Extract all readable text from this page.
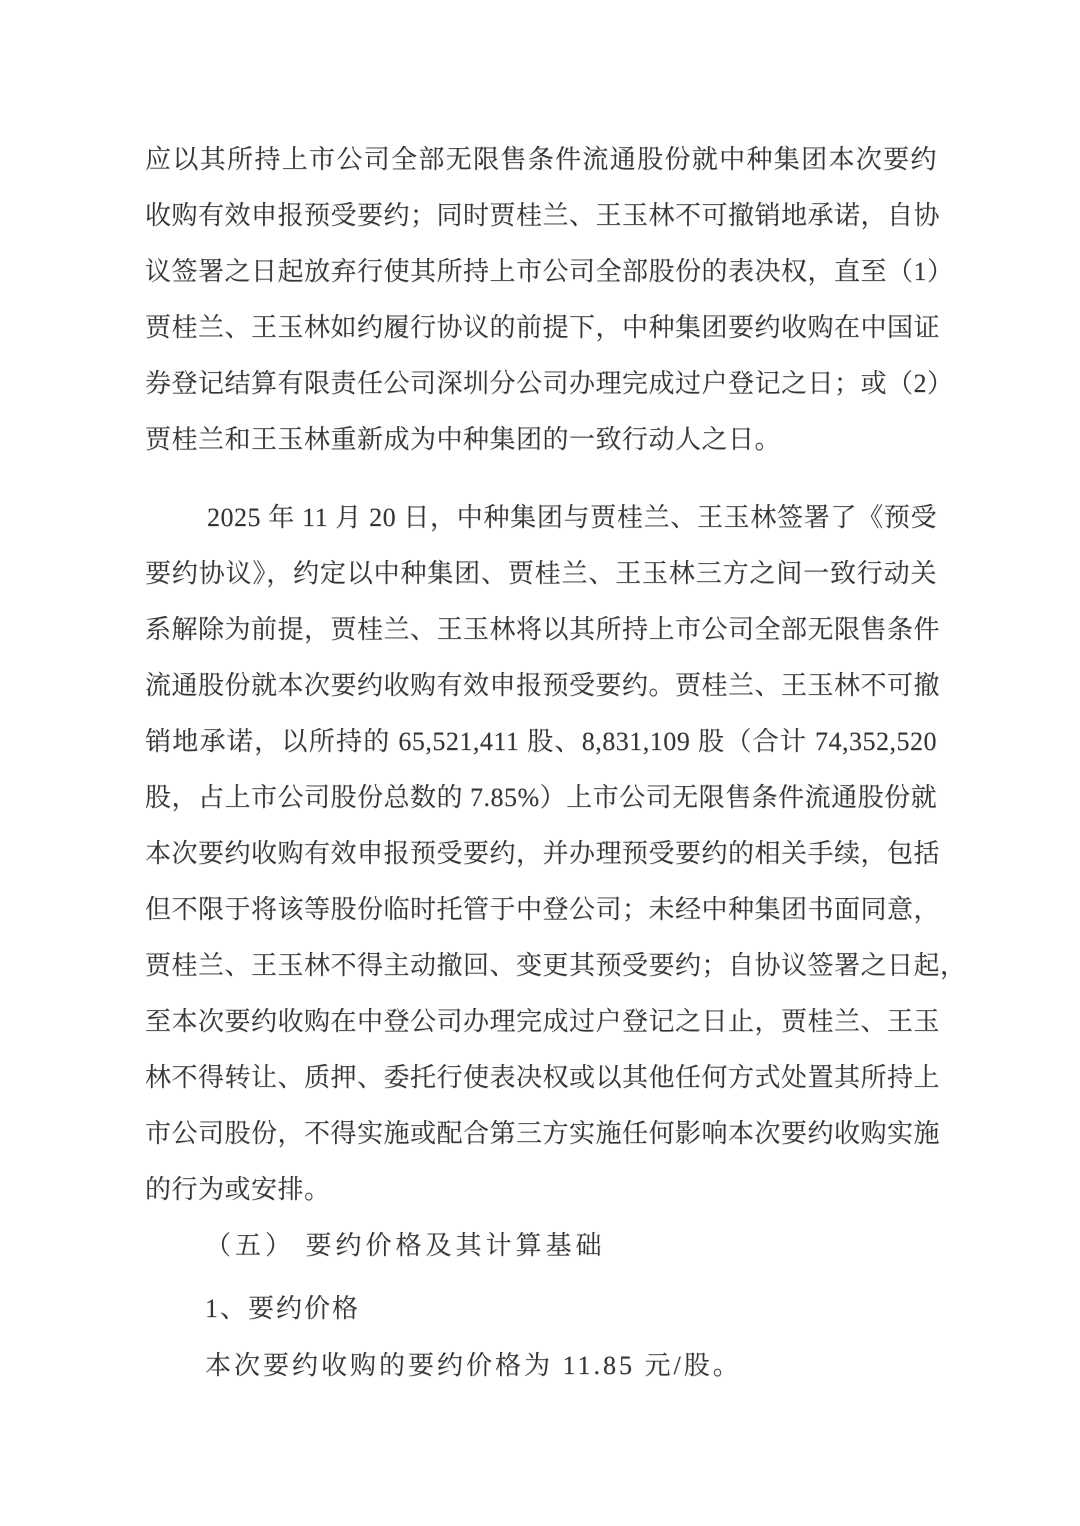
应以其所持上市公司全部无限售条件流通股份就中种集团本次要约
收购有效申报预受要约；同时贾桂兰、王玉林不可撤销地承诺，自协
议签署之日起放弃行使其所持上市公司全部股份的表决权，直至（1）
贾桂兰、王玉林如约履行协议的前提下，中种集团要约收购在中国证
券登记结算有限责任公司深圳分公司办理完成过户登记之日；或（2）
贾桂兰和王玉林重新成为中种集团的一致行动人之日。
2025 年 11 月 20 日，中种集团与贾桂兰、王玉林签署了《预受
要约协议》，约定以中种集团、贾桂兰、王玉林三方之间一致行动关
系解除为前提，贾桂兰、王玉林将以其所持上市公司全部无限售条件
流通股份就本次要约收购有效申报预受要约。贾桂兰、王玉林不可撤
销地承诺，以所持的 65,521,411 股、8,831,109 股（合计 74,352,520
股，占上市公司股份总数的 7.85%）上市公司无限售条件流通股份就
本次要约收购有效申报预受要约，并办理预受要约的相关手续，包括
但不限于将该等股份临时托管于中登公司；未经中种集团书面同意，
贾桂兰、王玉林不得主动撤回、变更其预受要约；自协议签署之日起，
至本次要约收购在中登公司办理完成过户登记之日止，贾桂兰、王玉
林不得转让、质押、委托行使表决权或以其他任何方式处置其所持上
市公司股份，不得实施或配合第三方实施任何影响本次要约收购实施
的行为或安排。
（五） 要约价格及其计算基础
1、要约价格
本次要约收购的要约价格为 11.85 元/股。
